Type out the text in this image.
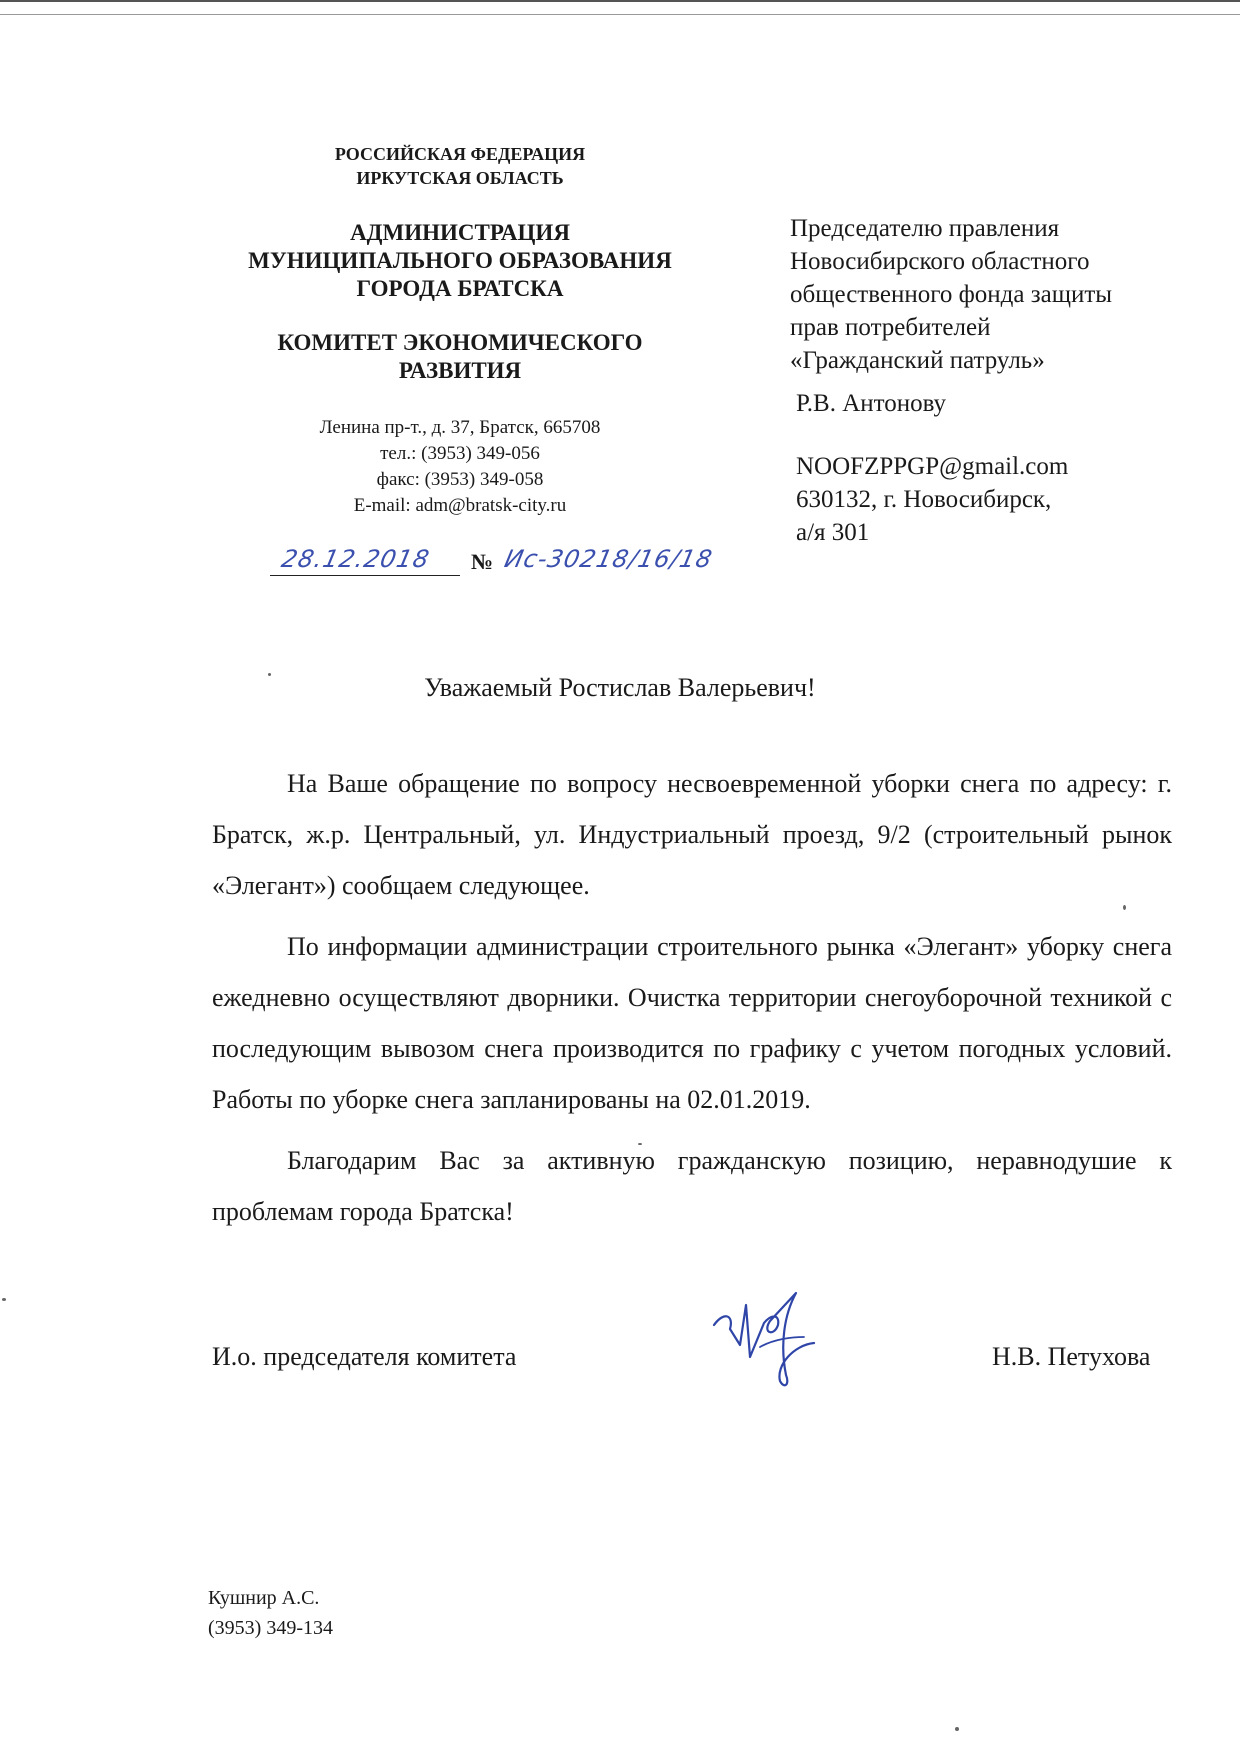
РОССИЙСКАЯ ФЕДЕРАЦИЯ
ИРКУТСКАЯ ОБЛАСТЬ
АДМИНИСТРАЦИЯ
МУНИЦИПАЛЬНОГО ОБРАЗОВАНИЯ
ГОРОДА БРАТСКА
КОМИТЕТ ЭКОНОМИЧЕСКОГО
РАЗВИТИЯ
Ленина пр-т., д. 37, Братск, 665708
тел.: (3953) 349-056
факс: (3953) 349-058
E-mail: adm@bratsk-city.ru
28.12.2018 № Ис-30218/16/18
Председателю правления
Новосибирского областного
общественного фонда защиты
прав потребителей
«Гражданский патруль»
Р.В. Антонову
NOOFZPPGP@gmail.com
630132, г. Новосибирск,
а/я 301
Уважаемый Ростислав Валерьевич!

На Ваше обращение по вопросу несвоевременной уборки снега по адресу: г. Братск, ж.р. Центральный, ул. Индустриальный проезд, 9/2 (строительный рынок «Элегант») сообщаем следующее.

По информации администрации строительного рынка «Элегант» уборку снега ежедневно осуществляют дворники. Очистка территории снегоуборочной техникой с последующим вывозом снега производится по графику с учетом погодных условий. Работы по уборке снега запланированы на 02.01.2019.

Благодарим Вас за активную гражданскую позицию, неравнодушие к проблемам города Братска!

И.о. председателя комитета	Н.В. Петухова
Кушнир А.С.
(3953) 349-134
